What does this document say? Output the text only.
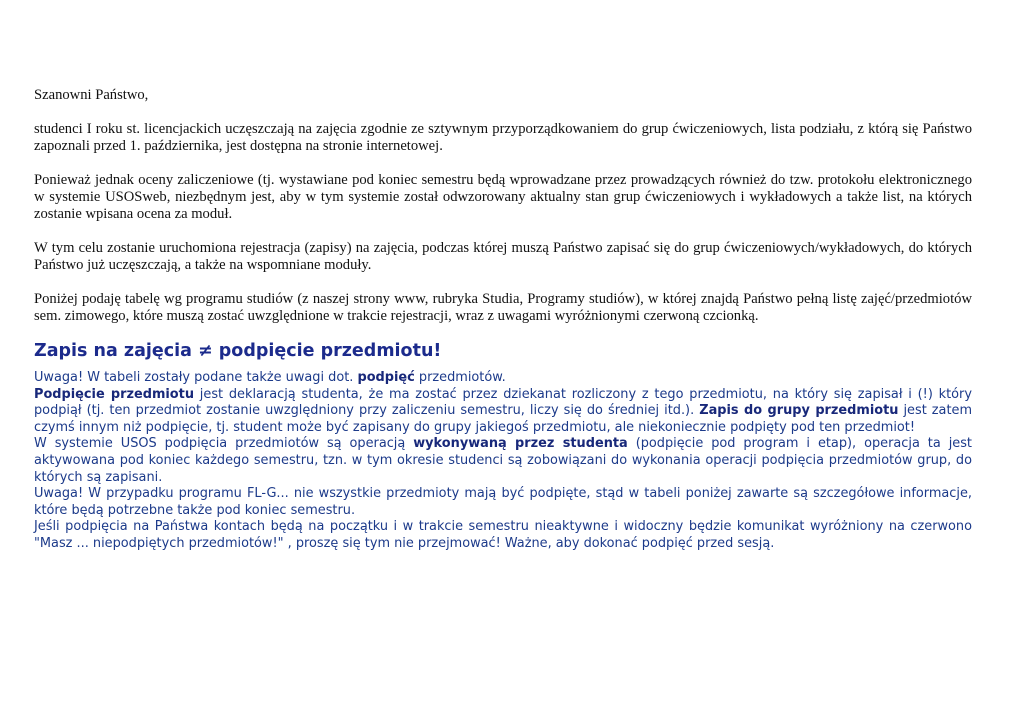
Szanowni Państwo,

studenci I roku st. licencjackich uczęszczają na zajęcia zgodnie ze sztywnym przyporządkowaniem do grup ćwiczeniowych, lista podziału, z którą się Państwo zapoznali przed 1. października, jest dostępna na stronie internetowej.

Ponieważ jednak oceny zaliczeniowe (tj. wystawiane pod koniec semestru będą wprowadzane przez prowadzących również do tzw. protokołu elektronicznego w systemie USOSweb, niezbędnym jest, aby w tym systemie został odwzorowany aktualny stan grup ćwiczeniowych i wykładowych a także list, na których zostanie wpisana ocena za moduł.

W tym celu zostanie uruchomiona rejestracja (zapisy) na zajęcia, podczas której muszą Państwo zapisać się do grup ćwiczeniowych/wykładowych, do których Państwo już uczęszczają, a także na wspomniane moduły.

Poniżej podaję tabelę wg programu studiów (z naszej strony www, rubryka Studia, Programy studiów), w której znajdą Państwo pełną listę zajęć/przedmiotów sem. zimowego, które muszą zostać uwzględnione w trakcie rejestracji, wraz z uwagami wyróżnionymi czerwoną czcionką.

Zapis na zajęcia ≠ podpięcie przedmiotu!

Uwaga! W tabeli zostały podane także uwagi dot. podpięć przedmiotów.
Podpięcie przedmiotu jest deklaracją studenta, że ma zostać przez dziekanat rozliczony z tego przedmiotu, na który się zapisał i (!) który podpiął (tj. ten przedmiot zostanie uwzględniony przy zaliczeniu semestru, liczy się do średniej itd.). Zapis do grupy przedmiotu jest zatem czymś innym niż podpięcie, tj. student może być zapisany do grupy jakiegoś przedmiotu, ale niekoniecznie podpięty pod ten przedmiot!
W systemie USOS podpięcia przedmiotów są operacją wykonywaną przez studenta (podpięcie pod program i etap), operacja ta jest aktywowana pod koniec każdego semestru, tzn. w tym okresie studenci są zobowiązani do wykonania operacji podpięcia przedmiotów grup, do których są zapisani.
Uwaga! W przypadku programu FL-G... nie wszystkie przedmioty mają być podpięte, stąd w tabeli poniżej zawarte są szczegółowe informacje, które będą potrzebne także pod koniec semestru.
Jeśli podpięcia na Państwa kontach będą na początku i w trakcie semestru nieaktywne i widoczny będzie komunikat wyróżniony na czerwono "Masz ... niepodpiętych przedmiotów!" , proszę się tym nie przejmować! Ważne, aby dokonać podpięć przed sesją.
